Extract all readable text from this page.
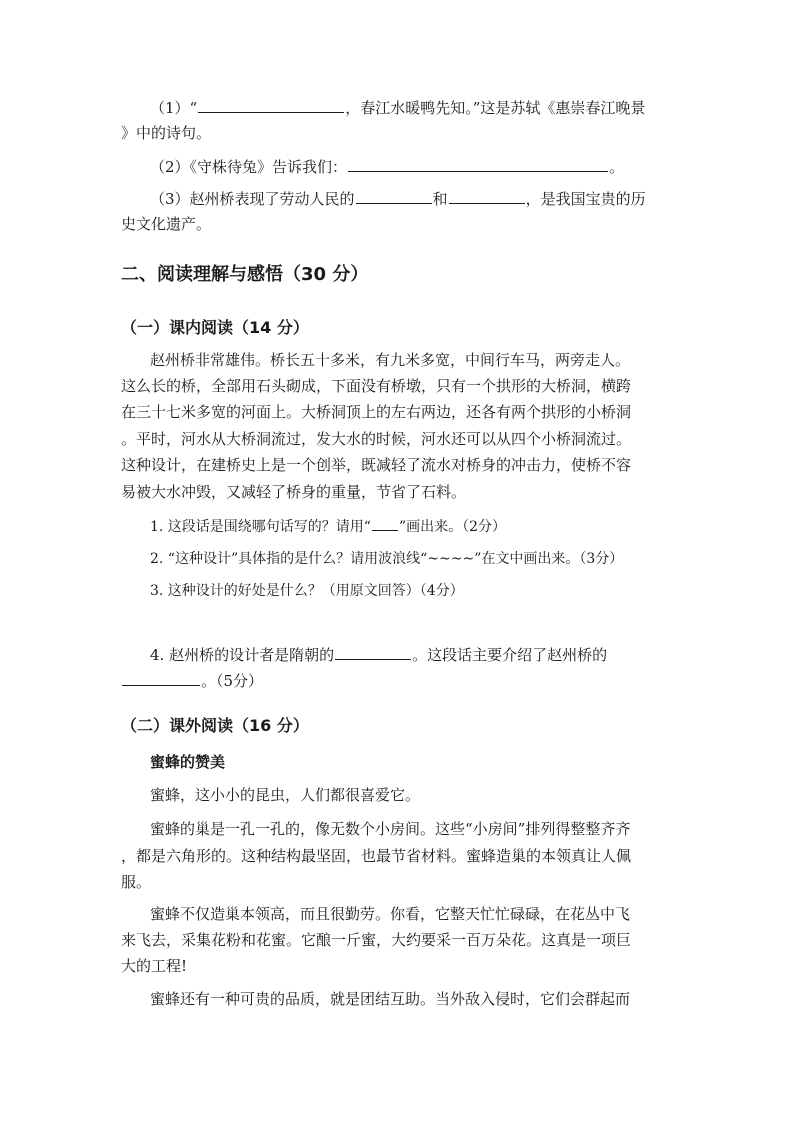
（1）“	，春江水暖鸭先知。”这是苏轼《惠崇春江晚景
》中的诗句。
（2）《守株待兔》告诉我们：	。
（3）赵州桥表现了劳动人民的	和	，是我国宝贵的历
史文化遗产。
二、阅读理解与感悟（30 分）
（一）课内阅读（14 分）
赵州桥非常雄伟。桥长五十多米，有九米多宽，中间行车马，两旁走人。
这么长的桥，全部用石头砌成，下面没有桥墩，只有一个拱形的大桥洞，横跨
在三十七米多宽的河面上。大桥洞顶上的左右两边，还各有两个拱形的小桥洞
。平时，河水从大桥洞流过，发大水的时候，河水还可以从四个小桥洞流过。
这种设计，在建桥史上是一个创举，既减轻了流水对桥身的冲击力，使桥不容
易被大水冲毁，又减轻了桥身的重量，节省了石料。
1. 这段话是围绕哪句话写的？请用“ ”画出来。（2分）
2. “这种设计”具体指的是什么？请用波浪线“~~~~”在文中画出来。（3分）
3. 这种设计的好处是什么？（用原文回答）（4分）
4. 赵州桥的设计者是隋朝的	。这段话主要介绍了赵州桥的
。（5分）
（二）课外阅读（16 分）
蜜蜂的赞美
蜜蜂，这小小的昆虫，人们都很喜爱它。
蜜蜂的巢是一孔一孔的，像无数个小房间。这些“小房间”排列得整整齐齐
，都是六角形的。这种结构最坚固，也最节省材料。蜜蜂造巢的本领真让人佩
服。
蜜蜂不仅造巢本领高，而且很勤劳。你看，它整天忙忙碌碌，在花丛中飞
来飞去，采集花粉和花蜜。它酿一斤蜜，大约要采一百万朵花。这真是一项巨
大的工程!
蜜蜂还有一种可贵的品质，就是团结互助。当外敌入侵时，它们会群起而
